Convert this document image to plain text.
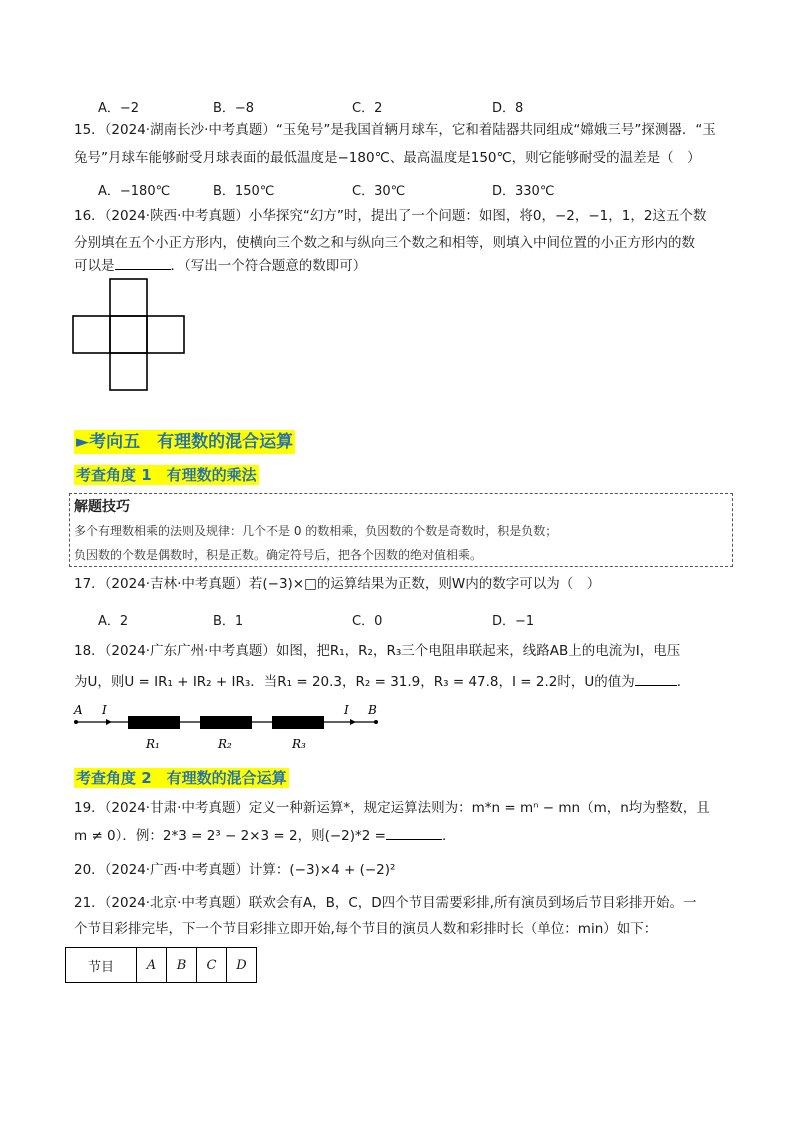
A．−2	B．−8	C．2	D．8
15．（2024·湖南长沙·中考真题）“玉兔号”是我国首辆月球车，它和着陆器共同组成“嫦娥三号”探测器．“玉
兔号”月球车能够耐受月球表面的最低温度是−180℃、最高温度是150℃，则它能够耐受的温差是（　）
A．−180℃	B．150℃	C．30℃	D．330℃
16．（2024·陕西·中考真题）小华探究“幻方”时，提出了一个问题：如图，将0，−2，−1，1，2这五个数
分别填在五个小正方形内，使横向三个数之和与纵向三个数之和相等，则填入中间位置的小正方形内的数
可以是	．（写出一个符合题意的数即可）
►考向五　有理数的混合运算
考查角度 1　有理数的乘法
解题技巧
多个有理数相乘的法则及规律：几个不是 0 的数相乘，负因数的个数是奇数时，积是负数；
负因数的个数是偶数时，积是正数。确定符号后，把各个因数的绝对值相乘。
17．（2024·吉林·中考真题）若(−3)×□的运算结果为正数，则W内的数字可以为（　）
A．2	B．1	C．0	D．−1
18．（2024·广东广州·中考真题）如图，把R₁，R₂，R₃三个电阻串联起来，线路AB上的电流为I，电压
为U，则U = IR₁ + IR₂ + IR₃．当R₁ = 20.3，R₂ = 31.9，R₃ = 47.8，I = 2.2时，U的值为	．
A I	I B
R₁	R₂	R₃
考查角度 2　有理数的混合运算
19．（2024·甘肃·中考真题）定义一种新运算*，规定运算法则为：m*n = mⁿ − mn（m，n均为整数，且
m ≠ 0）．例：2*3 = 2³ − 2×3 = 2，则(−2)*2 =	．
20．（2024·广西·中考真题）计算：(−3)×4 + (−2)²
21．（2024·北京·中考真题）联欢会有A，B，C，D四个节目需要彩排,所有演员到场后节目彩排开始。一
个节目彩排完毕，下一个节目彩排立即开始,每个节目的演员人数和彩排时长（单位：min）如下：
节目	A	B	C	D
